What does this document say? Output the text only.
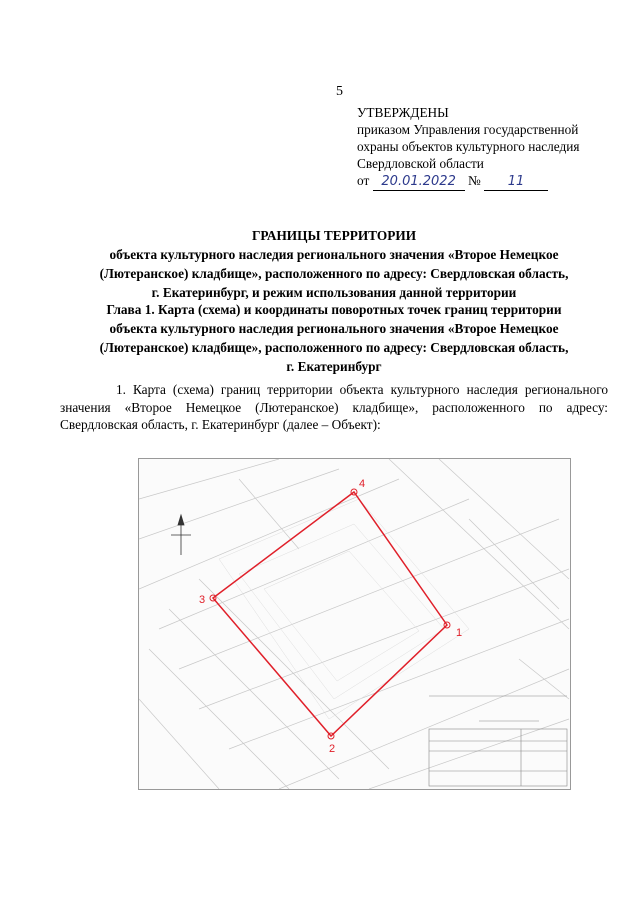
5
УТВЕРЖДЕНЫ
приказом Управления государственной
охраны объектов культурного наследия
Свердловской области
от 20.01.2022 № 11
ГРАНИЦЫ ТЕРРИТОРИИ
объекта культурного наследия регионального значения «Второе Немецкое
(Лютеранское) кладбище», расположенного по адресу: Свердловская область,
г. Екатеринбург, и режим использования данной территории
Глава 1. Карта (схема) и координаты поворотных точек границ территории
объекта культурного наследия регионального значения «Второе Немецкое
(Лютеранское) кладбище», расположенного по адресу: Свердловская область,
г. Екатеринбург
1. Карта (схема) границ территории объекта культурного наследия регионального значения «Второе Немецкое (Лютеранское) кладбище», расположенного по адресу: Свердловская область, г. Екатеринбург (далее – Объект):
1
2
3
4
